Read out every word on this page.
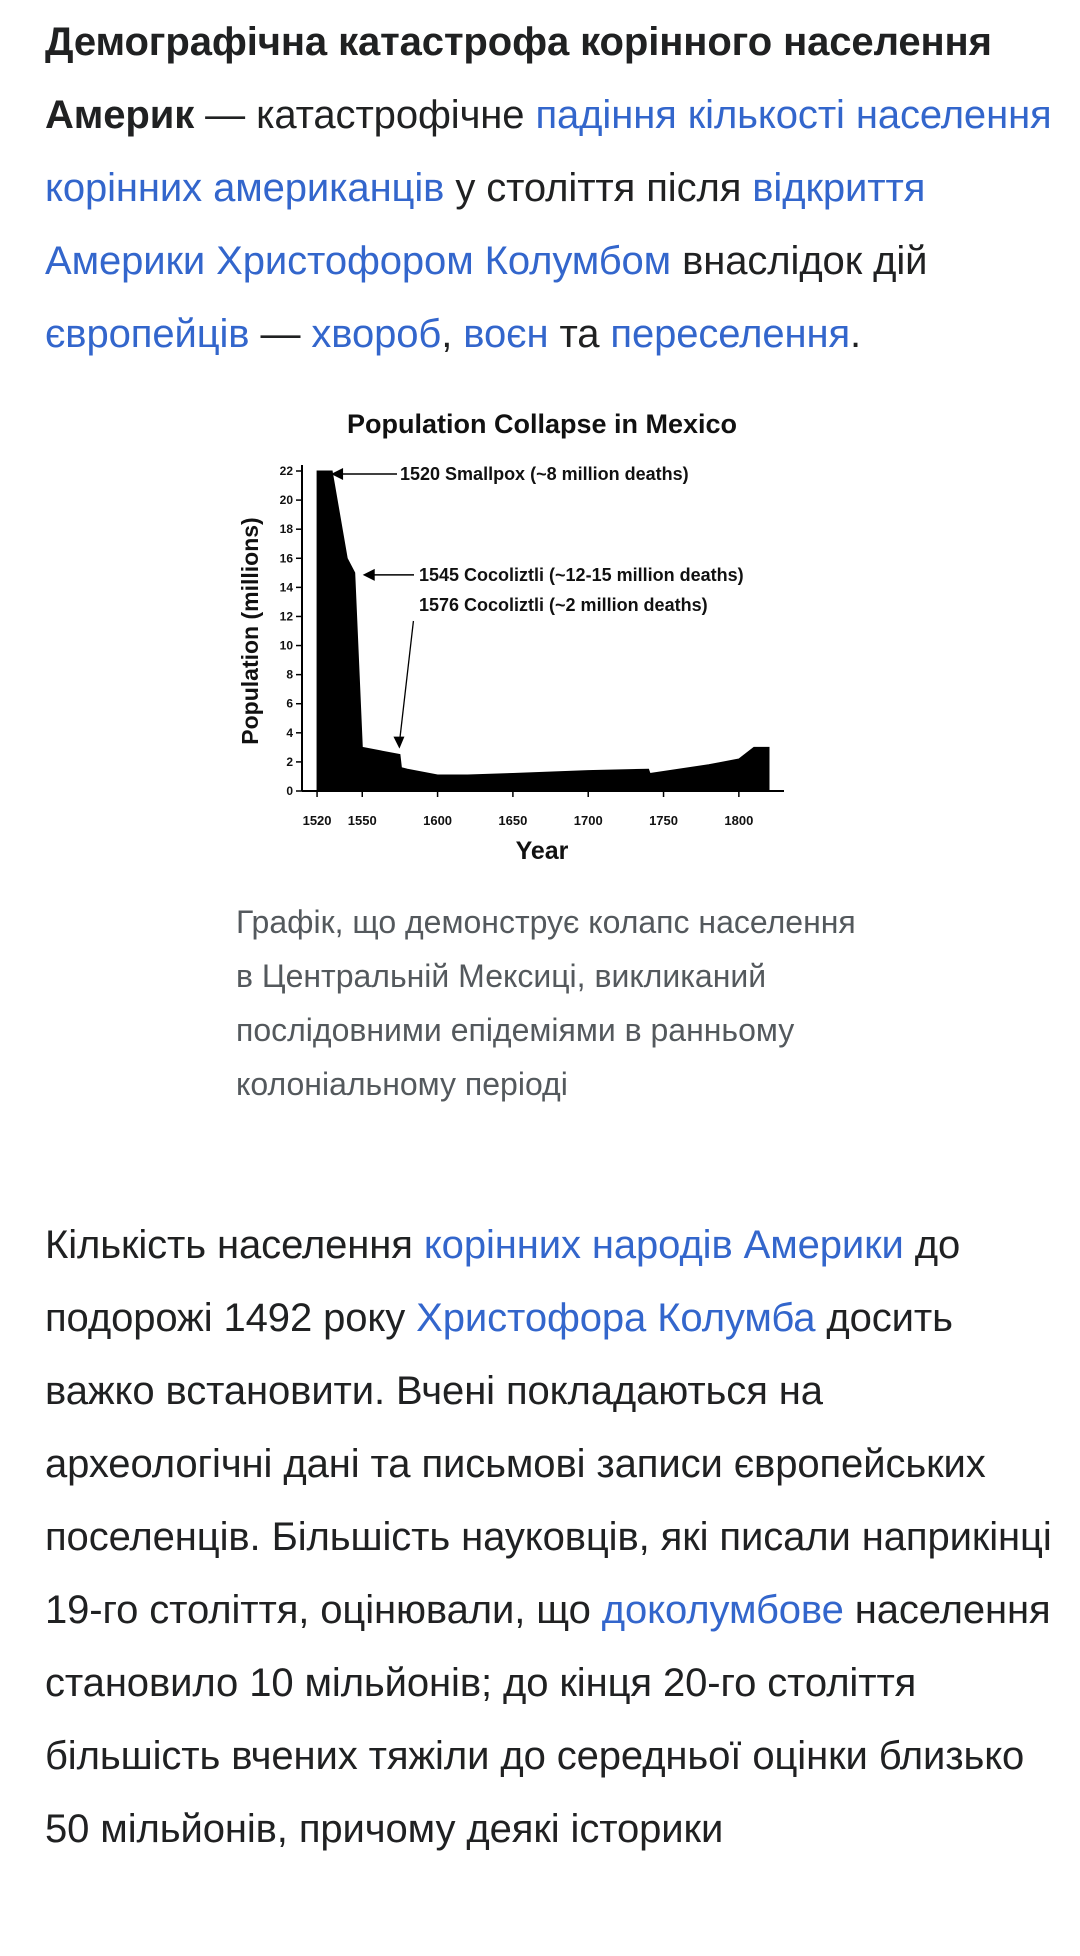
Демографічна катастрофа корінного населення Америк — катастрофічне падіння кількості населення корінних американців у століття після відкриття Америки Христофором Колумбом внаслідок дій європейців — хвороб, воєн та переселення.

Population Collapse in Mexico
0
2
4
6
8
10
12
14
16
18
20
22
1520 1550	1600	1650	1700	1750	1800
Year
Population (millions)
1520 Smallpox (~8 million deaths)
1545 Cocoliztli (~12-15 million deaths)
1576 Cocoliztli (~2 million deaths)

Графік, що демонструє колапс населення в Центральній Мексиці, викликаний послідовними епідеміями в ранньому колоніальному періоді

Кількість населення корінних народів Америки до подорожі 1492 року Христофора Колумба досить важко встановити. Вчені покладаються на археологічні дані та письмові записи європейських поселенців. Більшість науковців, які писали наприкінці 19-го століття, оцінювали, що доколумбове населення становило 10 мільйонів; до кінця 20-го століття більшість вчених тяжіли до середньої оцінки близько 50 мільйонів, причому деякі історики
